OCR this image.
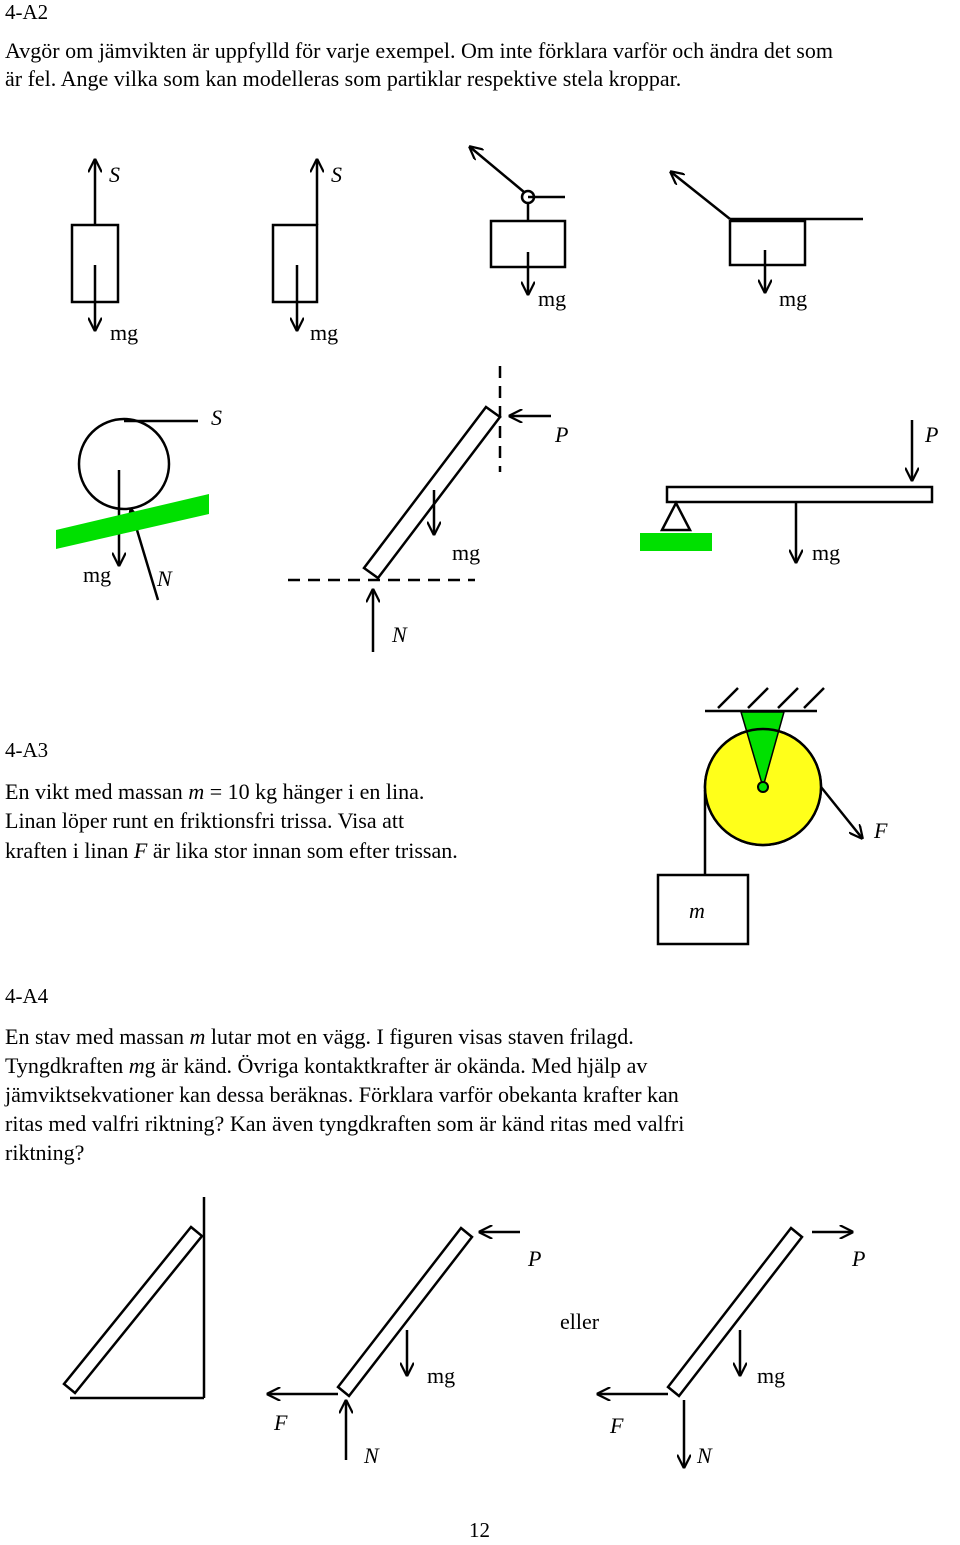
4-A2
Avgör om jämvikten är uppfylld för varje exempel. Om inte förklara varför och ändra det som
är fel. Ange vilka som kan modelleras som partiklar respektive stela kroppar.
4-A3
En vikt med massan m = 10 kg hänger i en lina.
Linan löper runt en friktionsfri trissa. Visa att
kraften i linan F är lika stor innan som efter trissan.
4-A4
En stav med massan m lutar mot en vägg. I figuren visas staven frilagd.
Tyngdkraften mg är känd. Övriga kontaktkrafter är okända. Med hjälp av
jämviktsekvationer kan dessa beräknas. Förklara varför obekanta krafter kan
ritas med valfri riktning? Kan även tyngdkraften som är känd ritas med valfri
riktning?
12
S
mg
S
mg
mg	mg
S
mg N
P
mg
N
P
mg
F
m
P
mg
F
N
eller
P
mg
F
N
